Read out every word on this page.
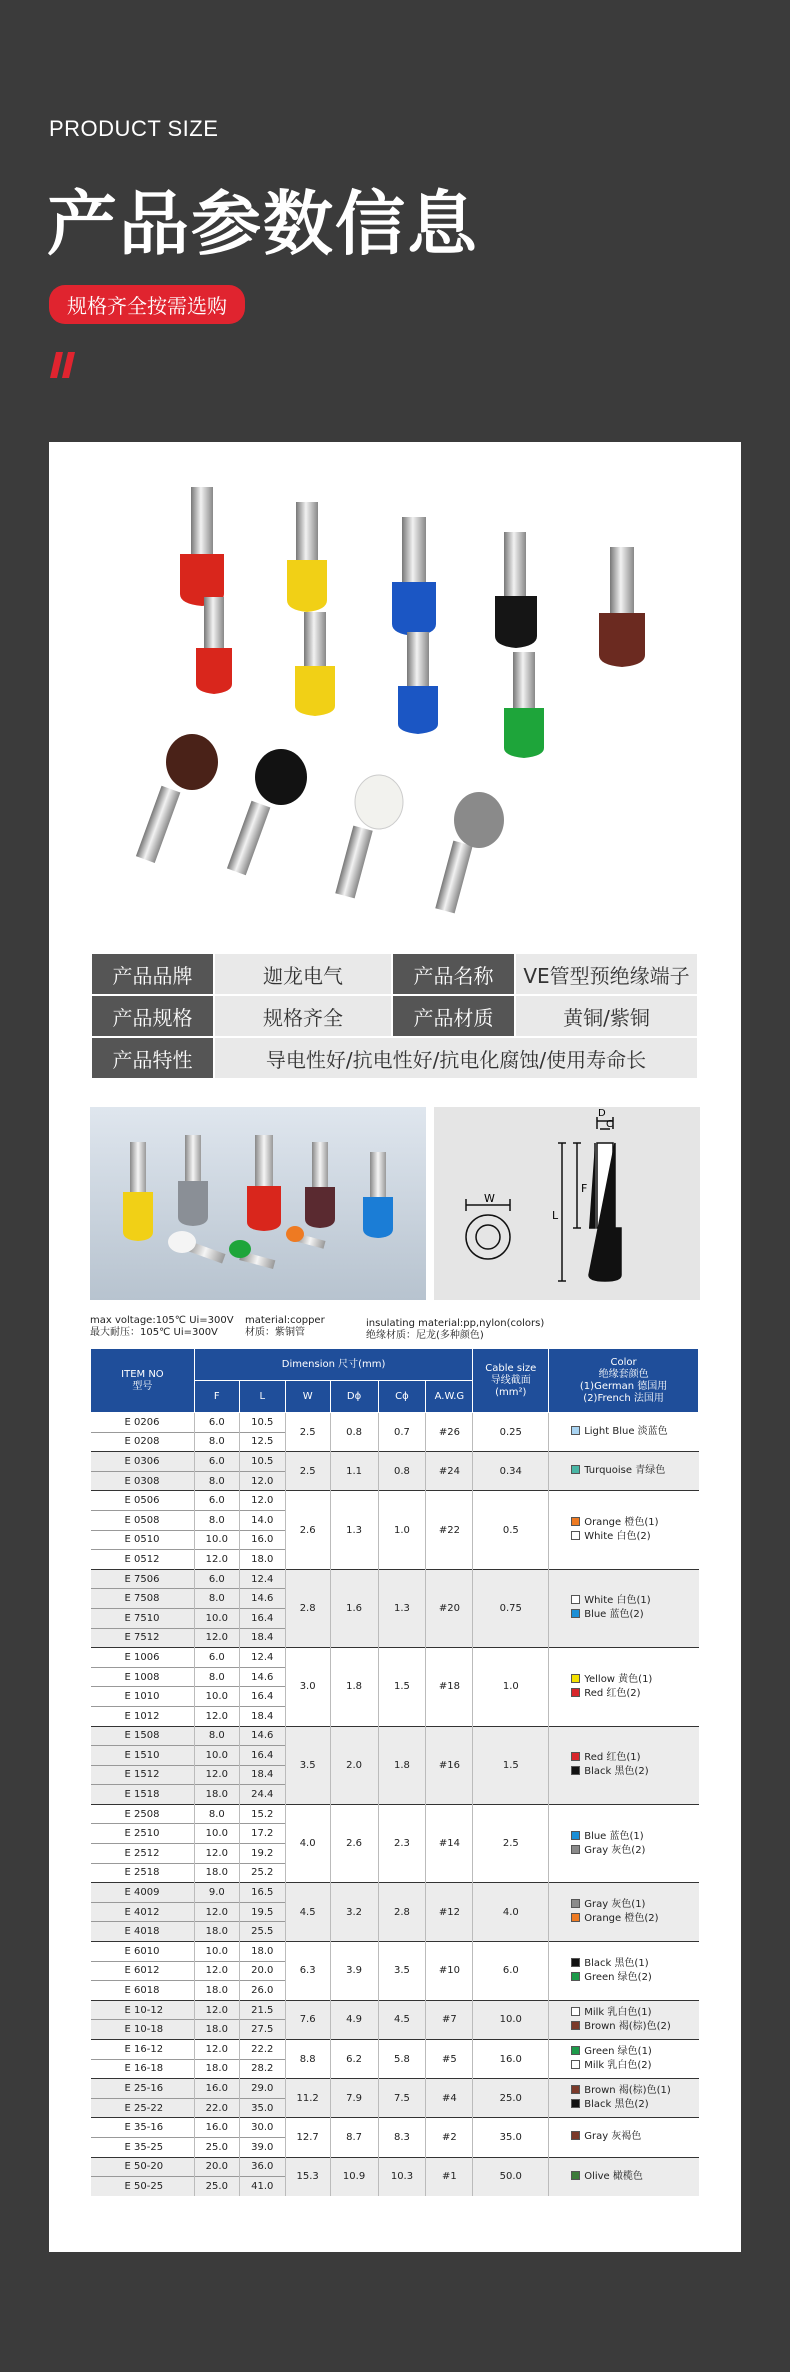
PRODUCT SIZE
产品参数信息
规格齐全按需选购
产品品牌	迦龙电气	产品名称	VE管型预绝缘端子
产品规格	规格齐全	产品材质	黄铜/紫铜
产品特性	导电性好/抗电性好/抗电化腐蚀/使用寿命长		
D
C
F
L
W
max voltage:105℃ Ui=300V
最大耐压：105℃ Ui=300V
material:copper
材质：紫铜管
insulating material:pp,nylon(colors)
绝缘材质：尼龙(多种颜色)
ITEM NO
型号	Dimension 尺寸(mm)						Cable size
导线截面
(mm²)	Color
绝缘套颜色
(1)German 德国用
(2)French 法国用
	F	L	W	Dϕ	Cϕ	A.W.G		
E 0206	6.0	10.5	2.5	0.8	0.7	#26	0.25	Light Blue 淡蓝色

E 0208	8.0	12.5						
E 0306	6.0	10.5	2.5	1.1	0.8	#24	0.34	Turquoise 青绿色

E 0308	8.0	12.0						
E 0506	6.0	12.0	2.6	1.3	1.0	#22	0.5	Orange 橙色(1)
White 白色(2)

E 0508	8.0	14.0						
E 0510	10.0	16.0						
E 0512	12.0	18.0						
E 7506	6.0	12.4	2.8	1.6	1.3	#20	0.75	White 白色(1)
Blue 蓝色(2)

E 7508	8.0	14.6						
E 7510	10.0	16.4						
E 7512	12.0	18.4						
E 1006	6.0	12.4	3.0	1.8	1.5	#18	1.0	Yellow 黄色(1)
Red 红色(2)

E 1008	8.0	14.6						
E 1010	10.0	16.4						
E 1012	12.0	18.4						
E 1508	8.0	14.6	3.5	2.0	1.8	#16	1.5	Red 红色(1)
Black 黑色(2)

E 1510	10.0	16.4						
E 1512	12.0	18.4						
E 1518	18.0	24.4						
E 2508	8.0	15.2	4.0	2.6	2.3	#14	2.5	Blue 蓝色(1)
Gray 灰色(2)

E 2510	10.0	17.2						
E 2512	12.0	19.2						
E 2518	18.0	25.2						
E 4009	9.0	16.5	4.5	3.2	2.8	#12	4.0	Gray 灰色(1)
Orange 橙色(2)

E 4012	12.0	19.5						
E 4018	18.0	25.5						
E 6010	10.0	18.0	6.3	3.9	3.5	#10	6.0	Black 黑色(1)
Green 绿色(2)

E 6012	12.0	20.0						
E 6018	18.0	26.0						
E 10-12	12.0	21.5	7.6	4.9	4.5	#7	10.0	Milk 乳白色(1)
Brown 褐(棕)色(2)

E 10-18	18.0	27.5						
E 16-12	12.0	22.2	8.8	6.2	5.8	#5	16.0	Green 绿色(1)
Milk 乳白色(2)

E 16-18	18.0	28.2						
E 25-16	16.0	29.0	11.2	7.9	7.5	#4	25.0	Brown 褐(棕)色(1)
Black 黑色(2)

E 25-22	22.0	35.0						
E 35-16	16.0	30.0	12.7	8.7	8.3	#2	35.0	Gray 灰褐色

E 35-25	25.0	39.0						
E 50-20	20.0	36.0	15.3	10.9	10.3	#1	50.0	Olive 橄榄色

E 50-25	25.0	41.0						
